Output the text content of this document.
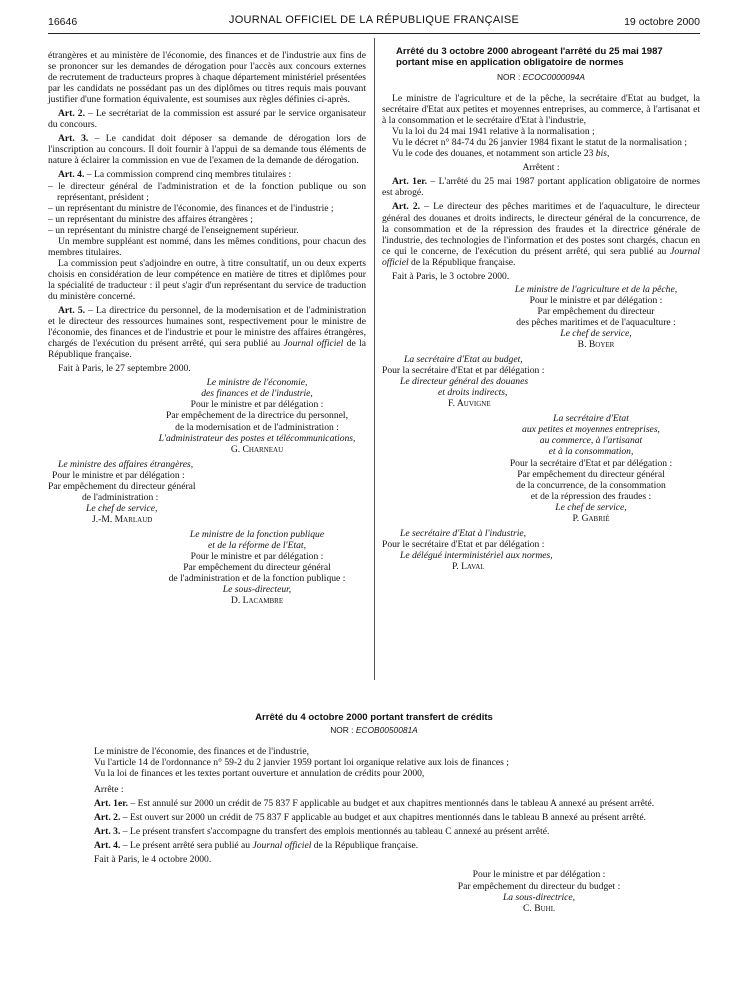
16646	JOURNAL OFFICIEL DE LA RÉPUBLIQUE FRANÇAISE	19 octobre 2000

étrangères et au ministère de l'économie, des finances et de l'industrie aux fins de se prononcer sur les demandes de dérogation pour l'accès aux concours externes de recrutement de traducteurs propres à chaque département ministériel présentées par les candidats ne possédant pas un des diplômes ou titres requis mais pouvant justifier d'une formation équivalente, est soumises aux règles définies ci-après.

Art. 2. – Le secrétariat de la commission est assuré par le service organisateur du concours.

Art. 3. – Le candidat doit déposer sa demande de dérogation lors de l'inscription au concours. Il doit fournir à l'appui de sa demande tous éléments de nature à éclairer la commission en vue de l'examen de la demande de dérogation.

Art. 4. – La commission comprend cinq membres titulaires :

– le directeur général de l'administration et de la fonction publique ou son représentant, président ;

– un représentant du ministre de l'économie, des finances et de l'industrie ;

– un représentant du ministre des affaires étrangères ;

– un représentant du ministre chargé de l'enseignement supérieur.

Un membre suppléant est nommé, dans les mêmes conditions, pour chacun des membres titulaires.

La commission peut s'adjoindre en outre, à titre consultatif, un ou deux experts choisis en considération de leur compétence en matière de titres et diplômes pour la spécialité de traducteur : il peut s'agir d'un représentant du service de traduction du ministère concerné.

Art. 5. – La directrice du personnel, de la modernisation et de l'administration et le directeur des ressources humaines sont, respectivement pour le ministre de l'économie, des finances et de l'industrie et pour le ministre des affaires étrangères, chargés de l'exécution du présent arrêté, qui sera publié au Journal officiel de la République française.

Fait à Paris, le 27 septembre 2000.

Le ministre de l'économie,
des finances et de l'industrie,
Pour le ministre et par délégation :
Par empêchement de la directrice du personnel,
de la modernisation et de l'administration :
L'administrateur des postes et télécommunications,
G. Charneau
Le ministre des affaires étrangères,
Pour le ministre et par délégation :
Par empêchement du directeur général
de l'administration :
Le chef de service,
J.-M. Marlaud
Le ministre de la fonction publique
et de la réforme de l'Etat,
Pour le ministre et par délégation :
Par empêchement du directeur général
de l'administration et de la fonction publique :
Le sous-directeur,
D. Lacambre

Arrêté du 3 octobre 2000 abrogeant l'arrêté du 25 mai 1987 portant mise en application obligatoire de normes

NOR : ECOC0000094A

Le ministre de l'agriculture et de la pêche, la secrétaire d'Etat au budget, la secrétaire d'Etat aux petites et moyennes entreprises, au commerce, à l'artisanat et à la consommation et le secrétaire d'Etat à l'industrie,

Vu la loi du 24 mai 1941 relative à la normalisation ;

Vu le décret n° 84-74 du 26 janvier 1984 fixant le statut de la normalisation ;

Vu le code des douanes, et notamment son article 23 bis,

Arrêtent :

Art. 1er. – L'arrêté du 25 mai 1987 portant application obligatoire de normes est abrogé.

Art. 2. – Le directeur des pêches maritimes et de l'aquaculture, le directeur général des douanes et droits indirects, le directeur général de la concurrence, de la consommation et de la répression des fraudes et la directrice générale de l'industrie, des technologies de l'information et des postes sont chargés, chacun en ce qui le concerne, de l'exécution du présent arrêté, qui sera publié au Journal officiel de la République française.

Fait à Paris, le 3 octobre 2000.

Le ministre de l'agriculture et de la pêche,
Pour le ministre et par délégation :
Par empêchement du directeur
des pêches maritimes et de l'aquaculture :
Le chef de service,
B. Boyer
La secrétaire d'Etat au budget,
Pour la secrétaire d'Etat et par délégation :
Le directeur général des douanes
et droits indirects,
F. Auvigne
La secrétaire d'Etat
aux petites et moyennes entreprises,
au commerce, à l'artisanat
et à la consommation,
Pour la secrétaire d'Etat et par délégation :
Par empêchement du directeur général
de la concurrence, de la consommation
et de la répression des fraudes :
Le chef de service,
P. Gabrié
Le secrétaire d'Etat à l'industrie,
Pour le secrétaire d'Etat et par délégation :
Le délégué interministériel aux normes,
P. Laval

Arrêté du 4 octobre 2000 portant transfert de crédits

NOR : ECOB0050081A

Le ministre de l'économie, des finances et de l'industrie,

Vu l'article 14 de l'ordonnance n° 59-2 du 2 janvier 1959 portant loi organique relative aux lois de finances ;

Vu la loi de finances et les textes portant ouverture et annulation de crédits pour 2000,

Arrête :

Art. 1er. – Est annulé sur 2000 un crédit de 75 837 F applicable au budget et aux chapitres mentionnés dans le tableau A annexé au présent arrêté.

Art. 2. – Est ouvert sur 2000 un crédit de 75 837 F applicable au budget et aux chapitres mentionnés dans le tableau B annexé au présent arrêté.

Art. 3. – Le présent transfert s'accompagne du transfert des emplois mentionnés au tableau C annexé au présent arrêté.

Art. 4. – Le présent arrêté sera publié au Journal officiel de la République française.

Fait à Paris, le 4 octobre 2000.

Pour le ministre et par délégation :
Par empêchement du directeur du budget :
La sous-directrice,
C. Buhl
